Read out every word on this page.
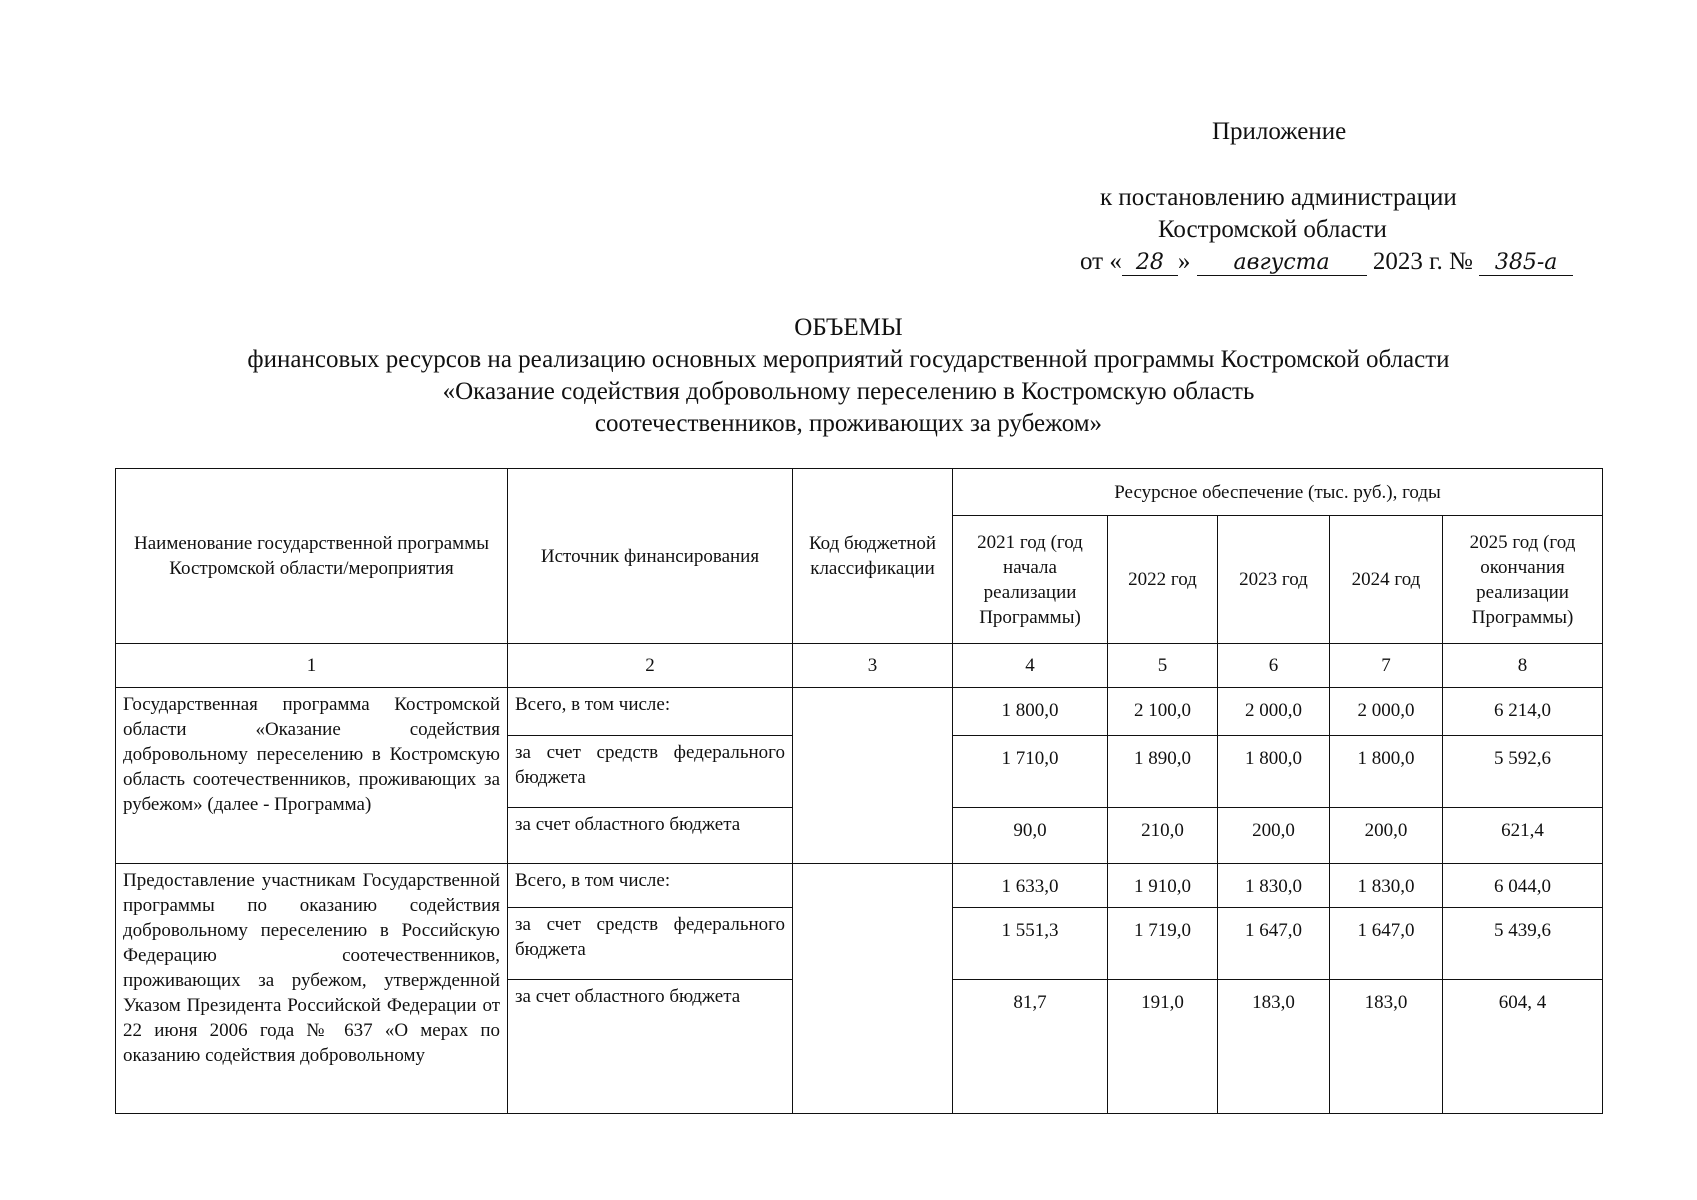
Приложение
к постановлению администрации
Костромской области
от « 28 » августа 2023 г. № 385-а
ОБЪЕМЫ
финансовых ресурсов на реализацию основных мероприятий государственной программы Костромской области
«Оказание содействия добровольному переселению в Костромскую область
соотечественников, проживающих за рубежом»
Наименование государственной программы Костромской области/мероприятия	Источник финансирования	Код бюджетной классификации	Ресурсное обеспечение (тыс. руб.), годы				
			2021 год (год начала реализации Программы)	2022 год	2023 год	2024 год	2025 год (год окончания реализации Программы)
1	2	3	4	5	6	7	8
Государственная программа Костромской области «Оказание содействия добровольному переселению в Костромскую область соотечественников, проживающих за рубежом» (далее - Программа)	Всего, в том числе:		1 800,0	2 100,0	2 000,0	2 000,0	6 214,0
	за счет средств федерального бюджета		1 710,0	1 890,0	1 800,0	1 800,0	5 592,6
	за счет областного бюджета		90,0	210,0	200,0	200,0	621,4
Предоставление участникам Государственной программы по оказанию содействия добровольному переселению в Российскую Федерацию соотечественников, проживающих за рубежом, утвержденной Указом Президента Российской Федерации от 22 июня 2006 года № 637 «О мерах по оказанию содействия добровольному	Всего, в том числе:		1 633,0	1 910,0	1 830,0	1 830,0	6 044,0
	за счет средств федерального бюджета		1 551,3	1 719,0	1 647,0	1 647,0	5 439,6
	за счет областного бюджета		81,7	191,0	183,0	183,0	604, 4
